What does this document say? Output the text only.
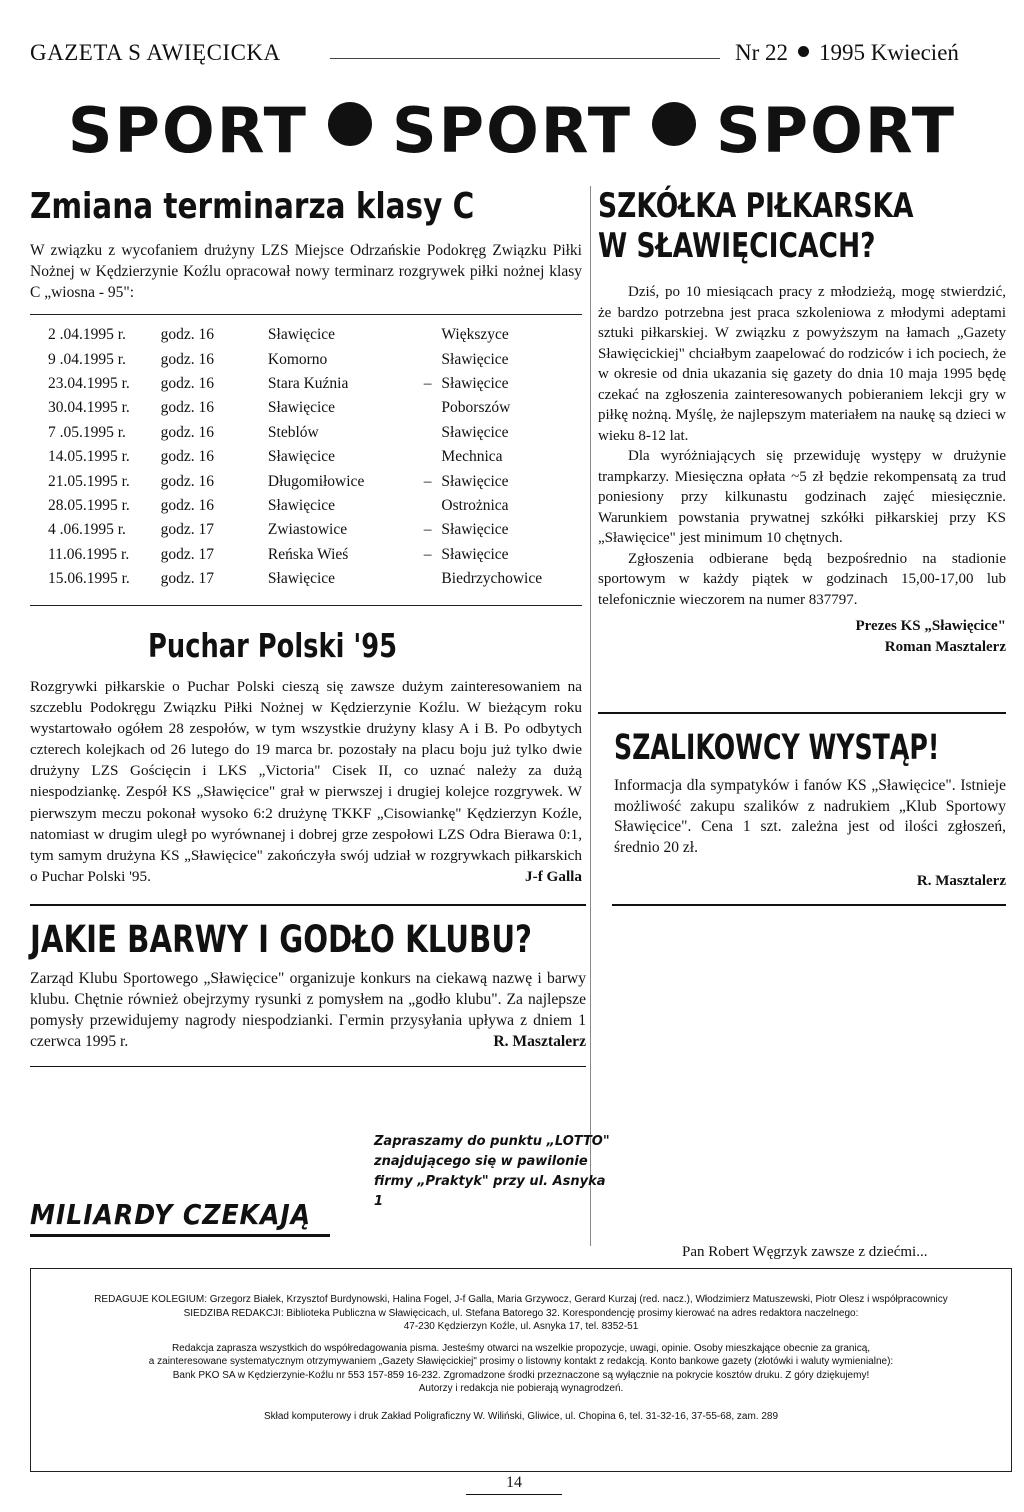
GAZETA S AWIĘCICKA	Nr 22 1995 Kwiecień
SPORT SPORT SPORT
Zmiana terminarza klasy C
W związku z wycofaniem drużyny LZS Miejsce Odrzańskie Podokręg Związku Piłki Nożnej w Kędzierzynie Koźlu opracował nowy terminarz rozgrywek piłki nożnej klasy C „wiosna - 95":
2 .04.1995 r.	godz. 16		Sławięcice		Większyce
9 .04.1995 r.	godz. 16		Komorno		Sławięcice
23.04.1995 r.	godz. 16		Stara Kuźnia	–	Sławięcice
30.04.1995 r.	godz. 16		Sławięcice		Poborszów
7 .05.1995 r.	godz. 16		Steblów		Sławięcice
14.05.1995 r.	godz. 16		Sławięcice		Mechnica
21.05.1995 r.	godz. 16		Długomiłowice	–	Sławięcice
28.05.1995 r.	godz. 16		Sławięcice		Ostrożnica
4 .06.1995 r.	godz. 17		Zwiastowice	–	Sławięcice
11.06.1995 r.	godz. 17		Reńska Wieś	–	Sławięcice
15.06.1995 r.	godz. 17		Sławięcice		Biedrzychowice
Puchar Polski '95
Rozgrywki piłkarskie o Puchar Polski cieszą się zawsze dużym zainteresowaniem na szczeblu Podokręgu Związku Piłki Nożnej w Kędzierzynie Koźlu. W bieżącym roku wystartowało ogółem 28 zespołów, w tym wszystkie drużyny klasy A i B. Po odbytych czterech kolejkach od 26 lutego do 19 marca br. pozostały na placu boju już tylko dwie drużyny LZS Gościęcin i LKS „Victoria" Cisek II, co uznać należy za dużą niespodziankę. Zespół KS „Sławięcice" grał w pierwszej i drugiej kolejce rozgrywek. W pierwszym meczu pokonał wysoko 6:2 drużynę TKKF „Cisowiankę" Kędzierzyn Koźle, natomiast w drugim uległ po wyrównanej i dobrej grze zespołowi LZS Odra Bierawa 0:1, tym samym drużyna KS „Sławięcice" zakończyła swój udział w rozgrywkach piłkarskich o Puchar Polski '95.	J-f Galla
JAKIE BARWY I GODŁO KLUBU?
Zarząd Klubu Sportowego „Sławięcice" organizuje konkurs na ciekawą nazwę i barwy klubu. Chętnie również obejrzymy rysunki z pomysłem na „godło klubu". Za najlepsze pomysły przewidujemy nagrody niespodzianki. Γermin przysyłania upływa z dniem 1 czerwca 1995 r.	R. Masztalerz
SZKÓŁKA PIŁKARSKA
W SŁAWIĘCICACH?

Dziś, po 10 miesiącach pracy z młodzieżą, mogę stwierdzić, że bardzo potrzebna jest praca szkoleniowa z młodymi adeptami sztuki piłkarskiej. W związku z powyższym na łamach „Gazety Sławięcickiej" chciałbym zaapelować do rodziców i ich pociech, że w okresie od dnia ukazania się gazety do dnia 10 maja 1995 będę czekać na zgłoszenia zainteresowanych pobieraniem lekcji gry w piłkę nożną. Myślę, że najlepszym materiałem na naukę są dzieci w wieku 8-12 lat.

Dla wyróżniających się przewiduję występy w drużynie trampkarzy. Miesięczna opłata ~5 zł będzie rekompensatą za trud poniesiony przy kilkunastu godzinach zajęć miesięcznie. Warunkiem powstania prywatnej szkółki piłkarskiej przy KS „Sławięcice" jest minimum 10 chętnych.

Zgłoszenia odbierane będą bezpośrednio na stadionie sportowym w każdy piątek w godzinach 15,00-17,00 lub telefonicznie wieczorem na numer 837797.

Prezes KS „Sławięcice"
Roman Masztalerz
SZALIKOWCY WYSTĄP!
Informacja dla sympatyków i fanów KS „Sławięcice". Istnieje możliwość zakupu szalików z nadrukiem „Klub Sportowy Sławięcice". Cena 1 szt. zależna jest od ilości zgłoszeń, średnio 20 zł.
R. Masztalerz
Zapraszamy do punktu „LOTTO" znajdującego się w pawilonie firmy „Praktyk" przy ul. Asnyka 1
MILIARDY CZEKAJĄ
Pan Robert Węgrzyk zawsze z dziećmi...

REDAGUJE KOLEGIUM: Grzegorz Białek, Krzysztof Burdynowski, Halina Fogel, J-f Galla, Maria Grzywocz, Gerard Kurzaj (red. nacz.), Włodzimierz Matuszewski, Piotr Olesz i współpracownicy

SIEDZIBA REDAKCJI: Biblioteka Publiczna w Sławięcicach, ul. Stefana Batorego 32. Korespondencję prosimy kierować na adres redaktora naczelnego:

47-230 Kędzierzyn Koźle, ul. Asnyka 17, tel. 8352-51

Redakcja zaprasza wszystkich do współredagowania pisma. Jesteśmy otwarci na wszelkie propozycje, uwagi, opinie. Osoby mieszkające obecnie za granicą,

a zainteresowane systematycznym otrzymywaniem „Gazety Sławięcickiej" prosimy o listowny kontakt z redakcją. Konto bankowe gazety (złotówki i waluty wymienialne):

Bank PKO SA w Kędzierzynie-Koźlu nr 553 157-859 16-232. Zgromadzone środki przeznaczone są wyłącznie na pokrycie kosztów druku. Z góry dziękujemy!

Autorzy i redakcja nie pobierają wynagrodzeń.

Skład komputerowy i druk Zakład Poligraficzny W. Wiliński, Gliwice, ul. Chopina 6, tel. 31-32-16, 37-55-68, zam. 289

14
